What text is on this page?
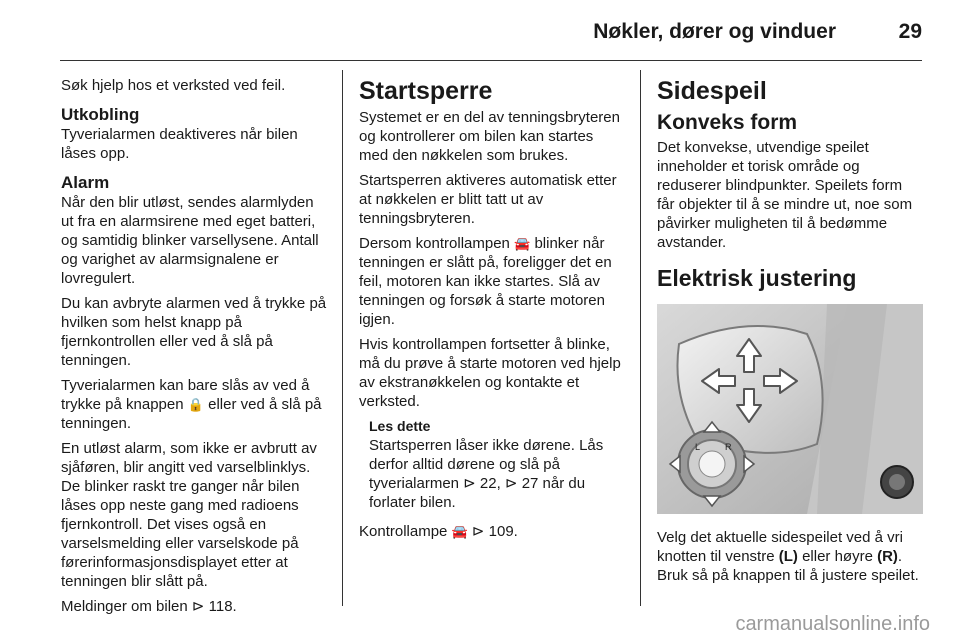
Nøkler, dører og vinduer	29

Søk hjelp hos et verksted ved feil.

Utkobling

Tyverialarmen deaktiveres når bilen låses opp.

Alarm

Når den blir utløst, sendes alarmlyden ut fra en alarmsirene med eget batteri, og samtidig blinker varsellysene. Antall og varighet av alarmsignalene er lovregulert.

Du kan avbryte alarmen ved å trykke på hvilken som helst knapp på fjernkontrollen eller ved å slå på tenningen.

Tyverialarmen kan bare slås av ved å trykke på knappen 🔒 eller ved å slå på tenningen.

En utløst alarm, som ikke er avbrutt av sjåføren, blir angitt ved varselblinklys. De blinker raskt tre ganger når bilen låses opp neste gang med radioens fjernkontroll. Det vises også en varselsmelding eller varselskode på førerinformasjonsdisplayet etter at tenningen blir slått på.

Meldinger om bilen ⊳ 118.

Startsperre

Systemet er en del av tenningsbryteren og kontrollerer om bilen kan startes med den nøkkelen som brukes.

Startsperren aktiveres automatisk etter at nøkkelen er blitt tatt ut av tenningsbryteren.

Dersom kontrollampen 🚘 blinker når tenningen er slått på, foreligger det en feil, motoren kan ikke startes. Slå av tenningen og forsøk å starte motoren igjen.

Hvis kontrollampen fortsetter å blinke, må du prøve å starte motoren ved hjelp av ekstranøkkelen og kontakte et verksted.

Les dette
Startsperren låser ikke dørene. Lås derfor alltid dørene og slå på tyverialarmen ⊳ 22, ⊳ 27 når du forlater bilen.

Kontrollampe 🚘 ⊳ 109.

Sidespeil
Konveks form

Det konvekse, utvendige speilet inneholder et torisk område og reduserer blindpunkter. Speilets form får objekter til å se mindre ut, noe som påvirker muligheten til å bedømme avstander.

Elektrisk justering
L	R

Velg det aktuelle sidespeilet ved å vri knotten til venstre (L) eller høyre (R). Bruk så på knappen til å justere speilet.

carmanualsonline.info
